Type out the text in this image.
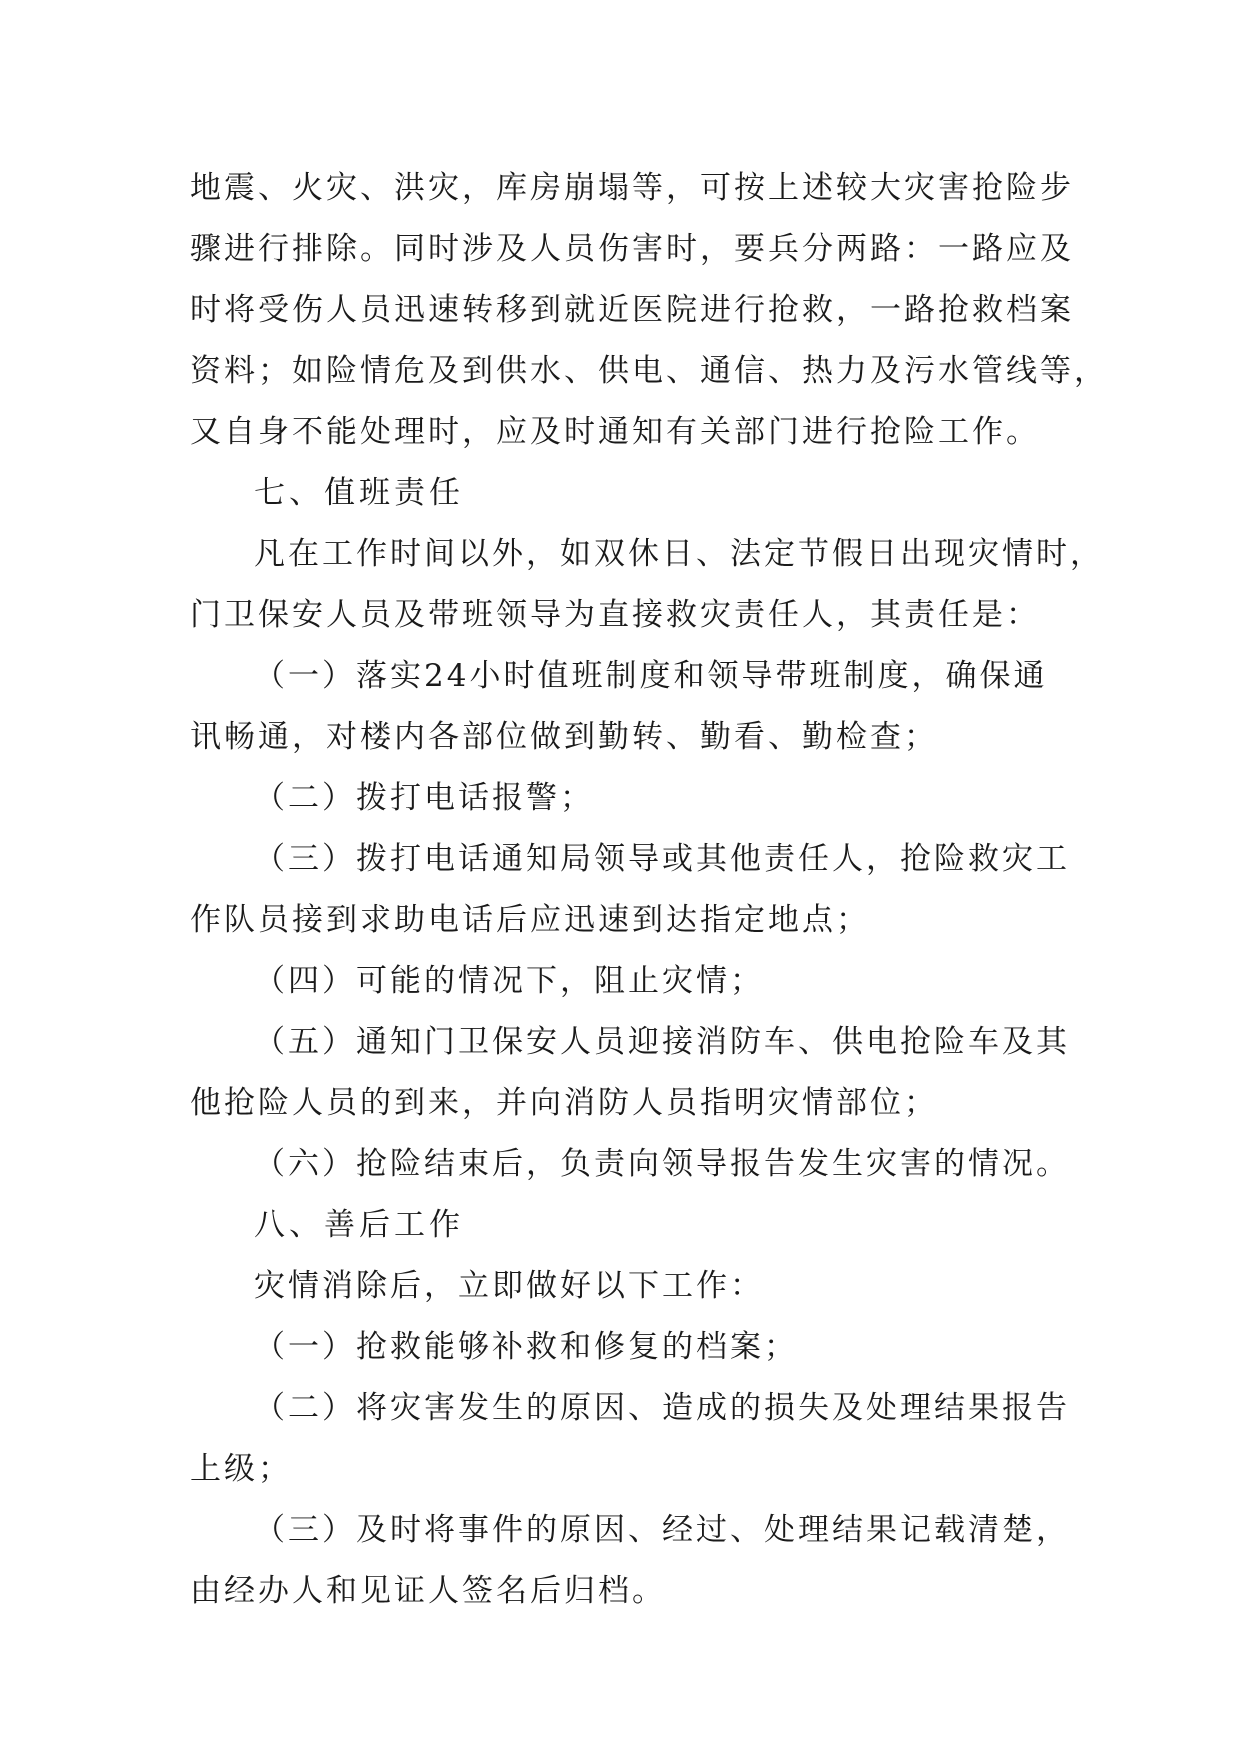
地震、火灾、洪灾，库房崩塌等，可按上述较大灾害抢险步
骤进行排除。同时涉及人员伤害时，要兵分两路：一路应及
时将受伤人员迅速转移到就近医院进行抢救，一路抢救档案
资料；如险情危及到供水、供电、通信、热力及污水管线等，
又自身不能处理时，应及时通知有关部门进行抢险工作。
七、值班责任
凡在工作时间以外，如双休日、法定节假日出现灾情时，
门卫保安人员及带班领导为直接救灾责任人，其责任是：
（一）落实24小时值班制度和领导带班制度，确保通
讯畅通，对楼内各部位做到勤转、勤看、勤检查；
（二）拨打电话报警；
（三）拨打电话通知局领导或其他责任人，抢险救灾工
作队员接到求助电话后应迅速到达指定地点；
（四）可能的情况下，阻止灾情；
（五）通知门卫保安人员迎接消防车、供电抢险车及其
他抢险人员的到来，并向消防人员指明灾情部位；
（六）抢险结束后，负责向领导报告发生灾害的情况。
八、善后工作
灾情消除后，立即做好以下工作：
（一）抢救能够补救和修复的档案；
（二）将灾害发生的原因、造成的损失及处理结果报告
上级；
（三）及时将事件的原因、经过、处理结果记载清楚，
由经办人和见证人签名后归档。
